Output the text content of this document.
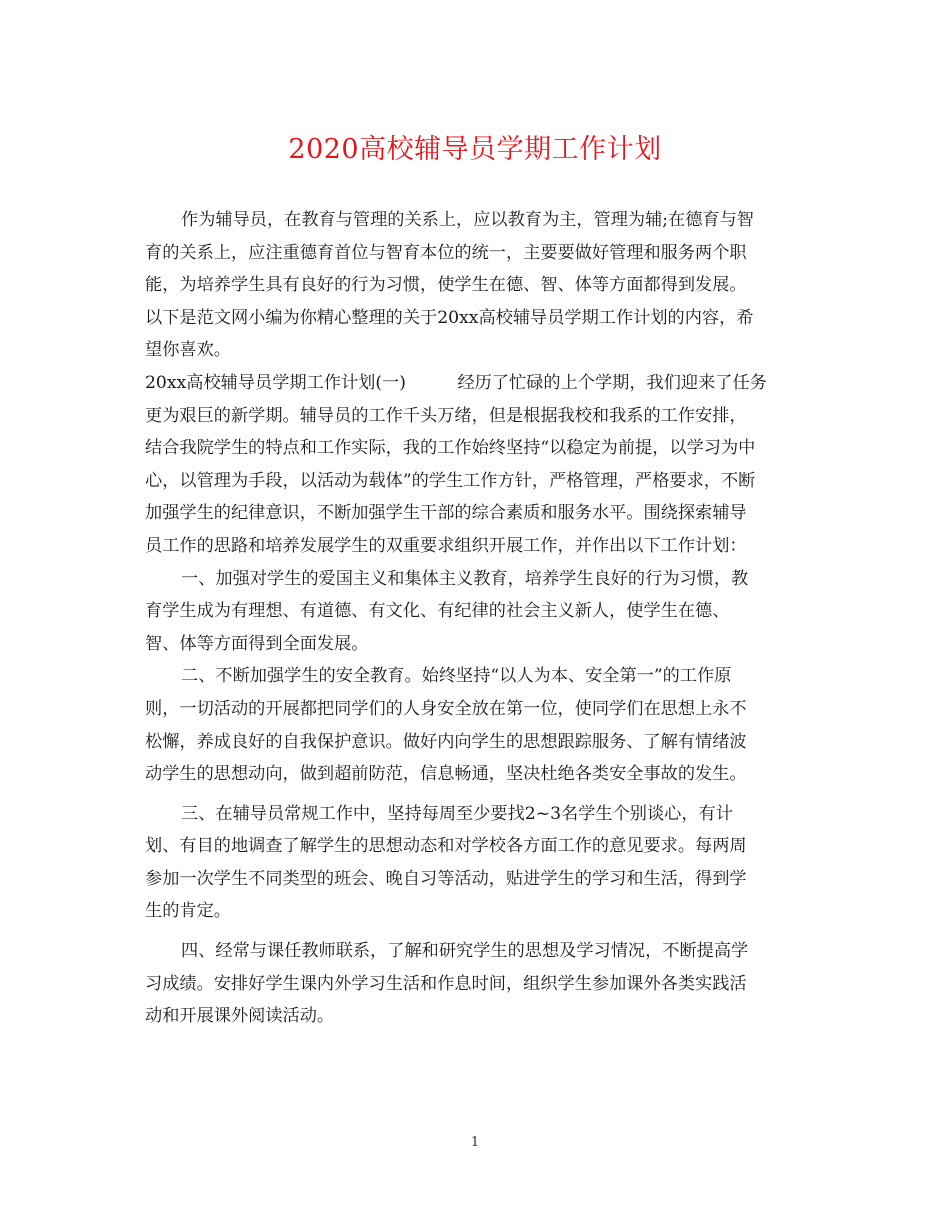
2020高校辅导员学期工作计划
作为辅导员，在教育与管理的关系上，应以教育为主，管理为辅;在德育与智
育的关系上，应注重德育首位与智育本位的统一，主要要做好管理和服务两个职
能，为培养学生具有良好的行为习惯，使学生在德、智、体等方面都得到发展。
以下是范文网小编为你精心整理的关于20xx高校辅导员学期工作计划的内容，希
望你喜欢。
20xx高校辅导员学期工作计划(一)　　　经历了忙碌的上个学期，我们迎来了任务
更为艰巨的新学期。辅导员的工作千头万绪，但是根据我校和我系的工作安排，
结合我院学生的特点和工作实际，我的工作始终坚持“以稳定为前提，以学习为中
心，以管理为手段，以活动为载体”的学生工作方针，严格管理，严格要求，不断
加强学生的纪律意识，不断加强学生干部的综合素质和服务水平。围绕探索辅导
员工作的思路和培养发展学生的双重要求组织开展工作，并作出以下工作计划：
一、加强对学生的爱国主义和集体主义教育，培养学生良好的行为习惯，教
育学生成为有理想、有道德、有文化、有纪律的社会主义新人，使学生在德、
智、体等方面得到全面发展。
二、不断加强学生的安全教育。始终坚持“以人为本、安全第一”的工作原
则，一切活动的开展都把同学们的人身安全放在第一位，使同学们在思想上永不
松懈，养成良好的自我保护意识。做好内向学生的思想跟踪服务、了解有情绪波
动学生的思想动向，做到超前防范，信息畅通，坚决杜绝各类安全事故的发生。
三、在辅导员常规工作中，坚持每周至少要找2~3名学生个别谈心，有计
划、有目的地调查了解学生的思想动态和对学校各方面工作的意见要求。每两周
参加一次学生不同类型的班会、晚自习等活动，贴进学生的学习和生活，得到学
生的肯定。
四、经常与课任教师联系，了解和研究学生的思想及学习情况，不断提高学
习成绩。安排好学生课内外学习生活和作息时间，组织学生参加课外各类实践活
动和开展课外阅读活动。
1
